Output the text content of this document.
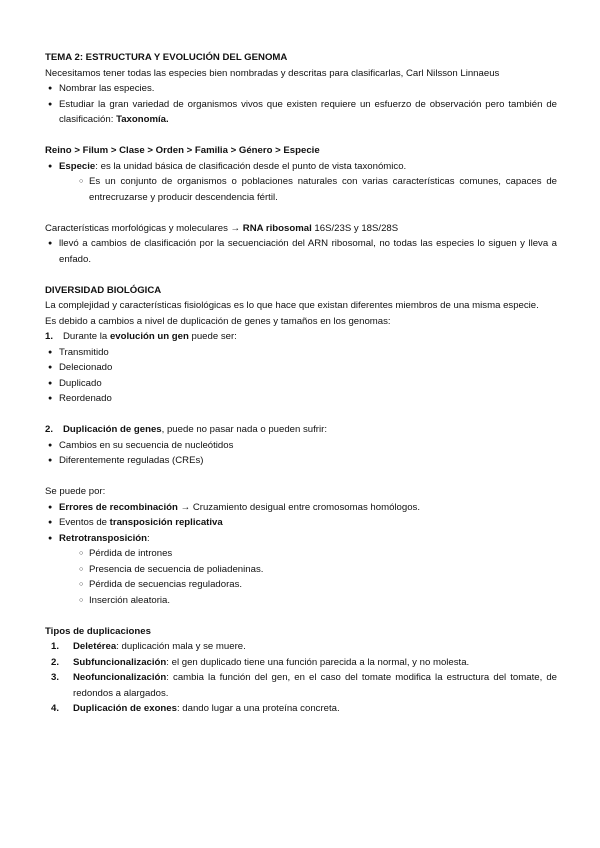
TEMA 2: ESTRUCTURA Y EVOLUCIÓN DEL GENOMA

Necesitamos tener todas las especies bien nombradas y descritas para clasificarlas, Carl Nilsson Linnaeus

● Nombrar las especies.
● Estudiar la gran variedad de organismos vivos que existen requiere un esfuerzo de observación pero también de clasificación: Taxonomía.

Reino > Filum > Clase > Orden > Familia > Género > Especie

● Especie: es la unidad básica de clasificación desde el punto de vista taxonómico.
○ Es un conjunto de organismos o poblaciones naturales con varias características comunes, capaces de entrecruzarse y producir descendencia fértil.

Características morfológicas y moleculares → RNA ribosomal 16S/23S y 18S/28S

● llevó a cambios de clasificación por la secuenciación del ARN ribosomal, no todas las especies lo siguen y lleva a enfado.

DIVERSIDAD BIOLÓGICA

La complejidad y características fisiológicas es lo que hace que existan diferentes miembros de una misma especie.

Es debido a cambios a nivel de duplicación de genes y tamaños en los genomas:

1. Durante la evolución un gen puede ser:
● Transmitido
● Delecionado
● Duplicado
● Reordenado
2. Duplicación de genes, puede no pasar nada o pueden sufrir:
● Cambios en su secuencia de nucleótidos
● Diferentemente reguladas (CREs)

Se puede por:

● Errores de recombinación → Cruzamiento desigual entre cromosomas homólogos.
● Eventos de transposición replicativa
● Retrotransposición:
○ Pérdida de intrones
○ Presencia de secuencia de poliadeninas.
○ Pérdida de secuencias reguladoras.
○ Inserción aleatoria.

Tipos de duplicaciones

1. Deletérea: duplicación mala y se muere.
2. Subfuncionalización: el gen duplicado tiene una función parecida a la normal, y no molesta.
3. Neofuncionalización: cambia la función del gen, en el caso del tomate modifica la estructura del tomate, de redondos a alargados.
4. Duplicación de exones: dando lugar a una proteína concreta.
